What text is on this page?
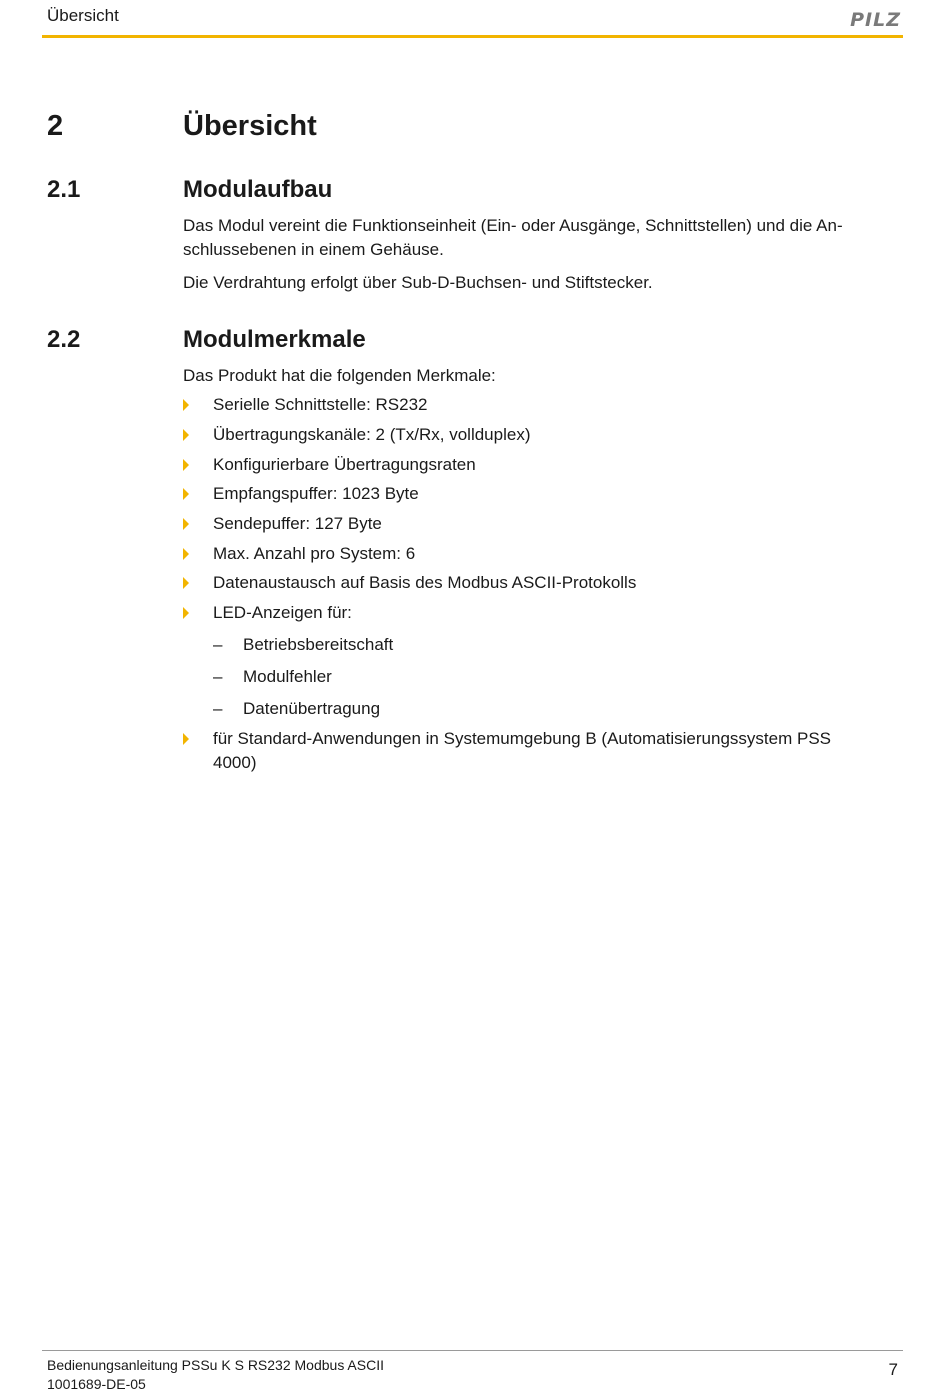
Übersicht	PILZ
2	Übersicht
2.1	Modulaufbau
Das Modul vereint die Funktionseinheit (Ein- oder Ausgänge, Schnittstellen) und die An-schlussebenen in einem Gehäuse.
Die Verdrahtung erfolgt über Sub-D-Buchsen- und Stiftstecker.
2.2	Modulmerkmale
Das Produkt hat die folgenden Merkmale:
Serielle Schnittstelle: RS232
Übertragungskanäle: 2 (Tx/Rx, vollduplex)
Konfigurierbare Übertragungsraten
Empfangspuffer: 1023 Byte
Sendepuffer: 127 Byte
Max. Anzahl pro System: 6
Datenaustausch auf Basis des Modbus ASCII-Protokolls
LED-Anzeigen für:
– Betriebsbereitschaft
– Modulfehler
– Datenübertragung
für Standard-Anwendungen in Systemumgebung B (Automatisierungssystem PSS 4000)
Bedienungsanleitung PSSu K S RS232 Modbus ASCII
1001689-DE-05
7
